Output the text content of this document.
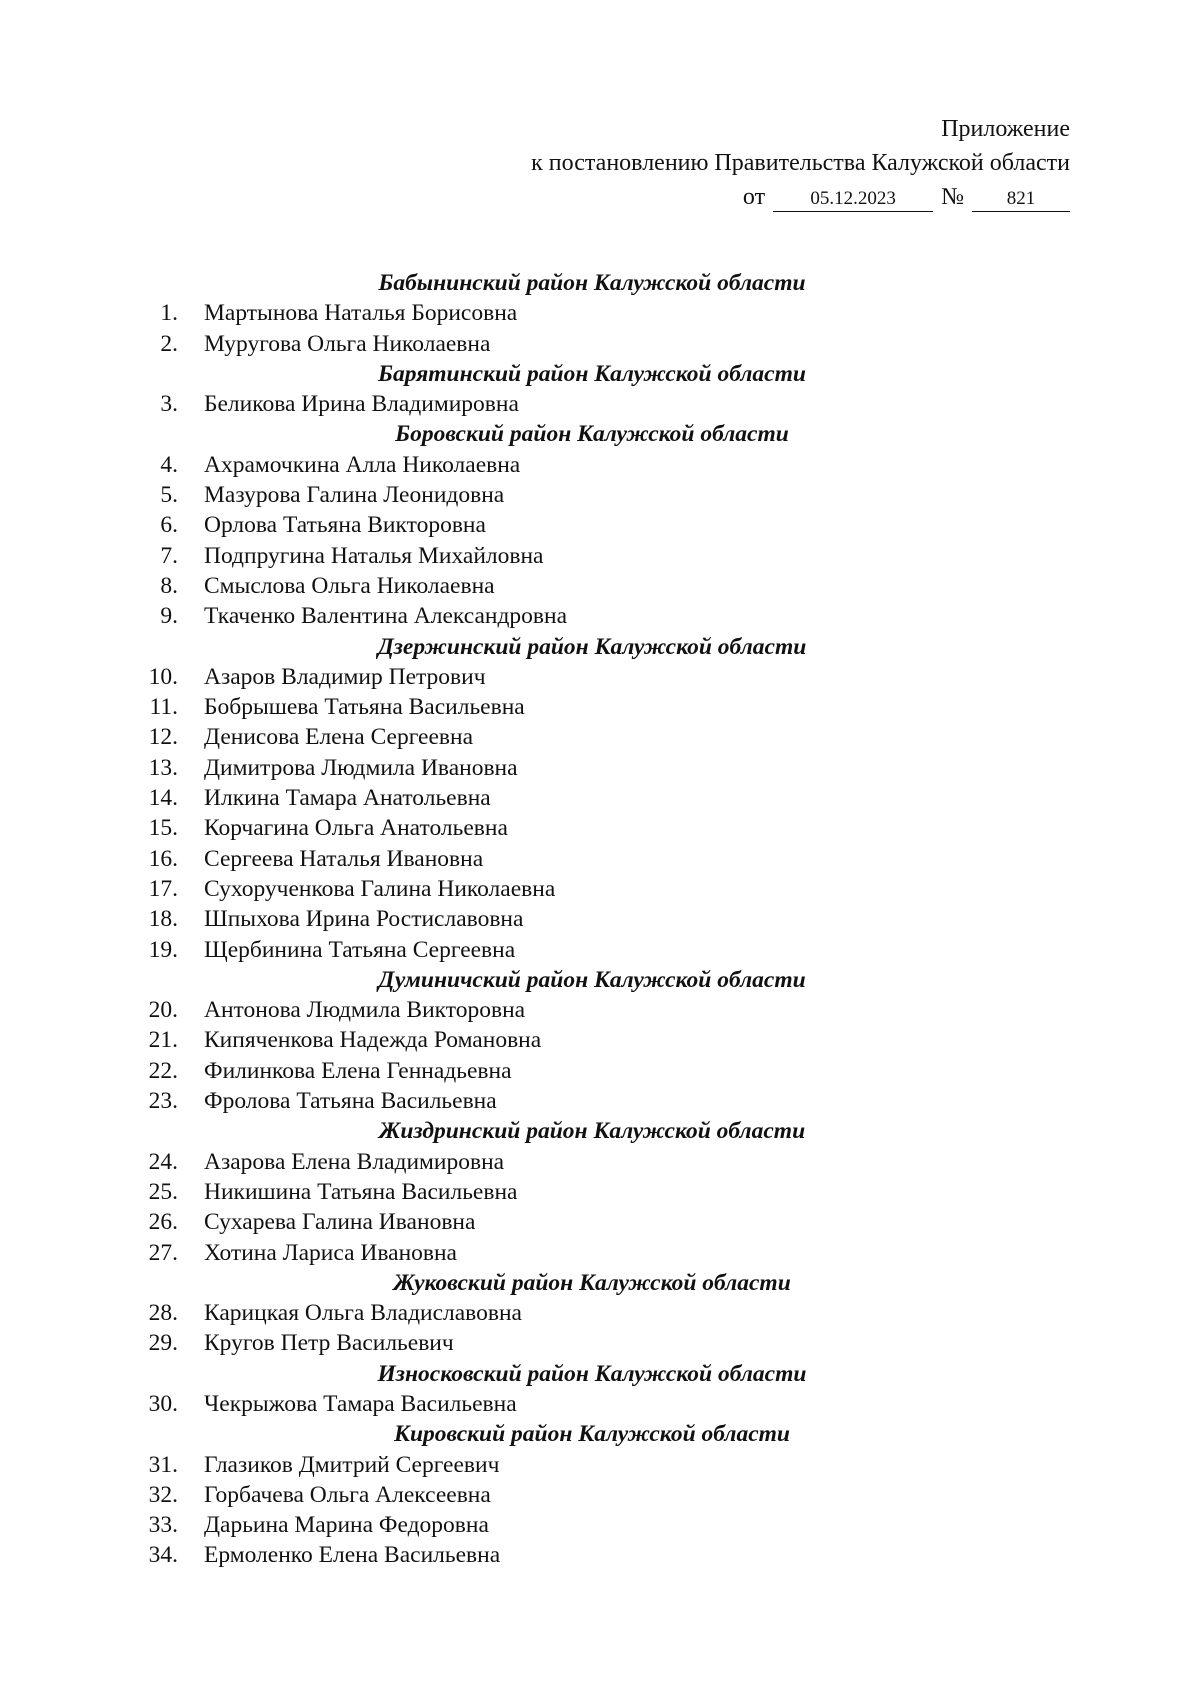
Приложение
к постановлению Правительства Калужской области
от 05.12.2023 № 821
Бабынинский район Калужской области
1. Мартынова Наталья Борисовна
2. Муругова Ольга Николаевна
Барятинский район Калужской области
3. Беликова Ирина Владимировна
Боровский район Калужской области
4. Ахрамочкина Алла Николаевна
5. Мазурова Галина Леонидовна
6. Орлова Татьяна Викторовна
7. Подпругина Наталья Михайловна
8. Смыслова Ольга Николаевна
9. Ткаченко Валентина Александровна
Дзержинский район Калужской области
10. Азаров Владимир Петрович
11. Бобрышева Татьяна Васильевна
12. Денисова Елена Сергеевна
13. Димитрова Людмила Ивановна
14. Илкина Тамара Анатольевна
15. Корчагина Ольга Анатольевна
16. Сергеева Наталья Ивановна
17. Сухорученкова Галина Николаевна
18. Шпыхова Ирина Ростиславовна
19. Щербинина Татьяна Сергеевна
Думиничский район Калужской области
20. Антонова Людмила Викторовна
21. Кипяченкова Надежда Романовна
22. Филинкова Елена Геннадьевна
23. Фролова Татьяна Васильевна
Жиздринский район Калужской области
24. Азарова Елена Владимировна
25. Никишина Татьяна Васильевна
26. Сухарева Галина Ивановна
27. Хотина Лариса Ивановна
Жуковский район Калужской области
28. Карицкая Ольга Владиславовна
29. Кругов Петр Васильевич
Износковский район Калужской области
30. Чекрыжова Тамара Васильевна
Кировский район Калужской области
31. Глазиков Дмитрий Сергеевич
32. Горбачева Ольга Алексеевна
33. Дарьина Марина Федоровна
34. Ермоленко Елена Васильевна
